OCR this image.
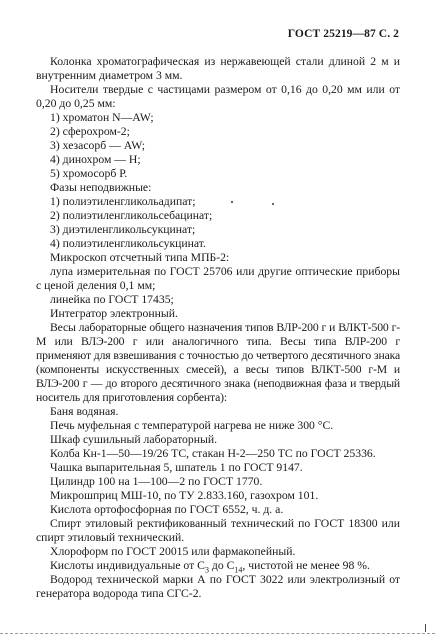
ГОСТ 25219—87 С. 2

Колонка хроматографическая из нержавеющей стали длиной 2 м и внутренним диаметром 3 мм.

Носители твердые с частицами размером от 0,16 до 0,20 мм или от 0,20 до 0,25 мм:

1) хроматон N—AW;

2) сферохром-2;

3) хезасорб — AW;

4) динохром — Н;

5) хромосорб Р.

Фазы неподвижные:

1) полиэтиленгликольадипат;

2) полиэтиленгликольсебацинат;

3) диэтиленгликольсукцинат;

4) полиэтиленгликольсукцинат.

Микроскоп отсчетный типа МПБ-2:

лупа измерительная по ГОСТ 25706 или другие оптические приборы с ценой деления 0,1 мм;

линейка по ГОСТ 17435;

Интегратор электронный.

Весы лабораторные общего назначения типов ВЛР-200 г и ВЛКТ-500 г-М или ВЛЭ-200 г или аналогичного типа. Весы типа ВЛР-200 г применяют для взвешивания с точностью до четвертого десятичного знака (компоненты искусственных смесей), а весы типов ВЛКТ-500 г-М и ВЛЭ-200 г — до второго десятичного знака (неподвижная фаза и твердый носитель для приготовления сорбента):

Баня водяная.

Печь муфельная с температурой нагрева не ниже 300 °С.

Шкаф сушильный лабораторный.

Колба Кн-1—50—19/26 ТС, стакан Н-2—250 ТС по ГОСТ 25336.

Чашка выпарительная 5, шпатель 1 по ГОСТ 9147.

Цилиндр 100 на 1—100—2 по ГОСТ 1770.

Микрошприц МШ-10, по ТУ 2.833.160, газохром 101.

Кислота ортофосфорная по ГОСТ 6552, ч. д. а.

Спирт этиловый ректификованный технический по ГОСТ 18300 или спирт этиловый технический.

Хлороформ по ГОСТ 20015 или фармакопейный.

Кислоты индивидуальные от $С_3$ до $С_{14}$, чистотой не менее 98 %.

Водород технической марки А по ГОСТ 3022 или электролизный от генератора водорода типа СГС-2.
